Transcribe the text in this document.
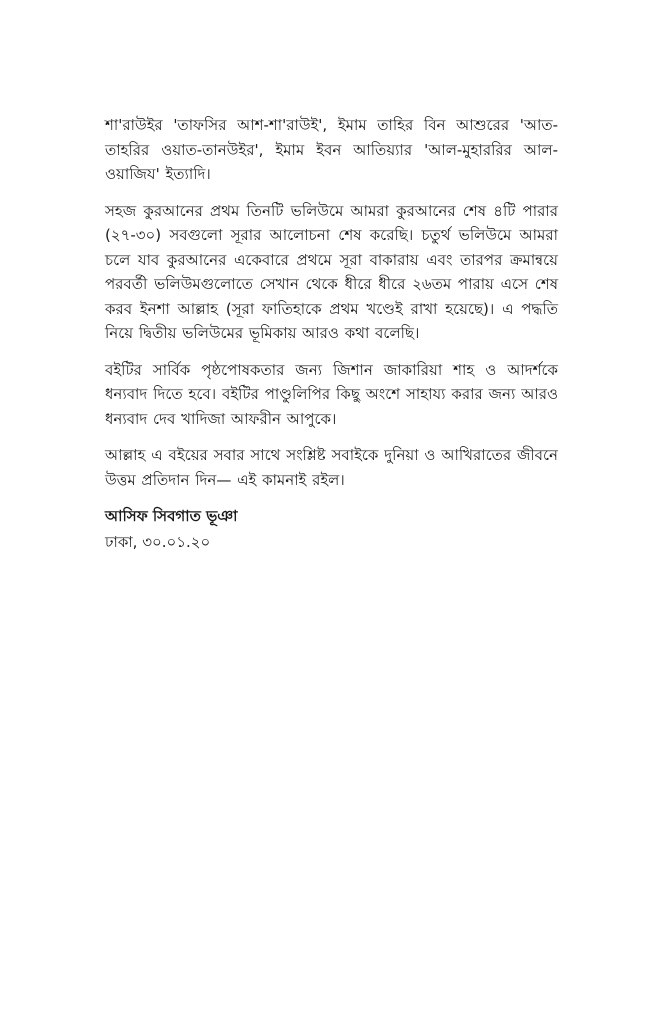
শা'রাউইর 'তাফসির আশ-শা'রাউই', ইমাম তাহির বিন আশুরের 'আত-তাহরির ওয়াত-তানউইর', ইমাম ইবন আতিয়্যার 'আল-মুহাররির আল-ওয়াজিয' ইত্যাদি।

সহজ কুরআনের প্রথম তিনটি ভলিউমে আমরা কুরআনের শেষ ৪টি পারার (২৭-৩০) সবগুলো সূরার আলোচনা শেষ করেছি। চতুর্থ ভলিউমে আমরা চলে যাব কুরআনের একেবারে প্রথমে সূরা বাকারায় এবং তারপর ক্রমান্বয়ে পরবর্তী ভলিউমগুলোতে সেখান থেকে ধীরে ধীরে ২৬তম পারায় এসে শেষ করব ইনশা আল্লাহ (সূরা ফাতিহাকে প্রথম খণ্ডেই রাখা হয়েছে)। এ পদ্ধতি নিয়ে দ্বিতীয় ভলিউমের ভূমিকায় আরও কথা বলেছি।

বইটির সার্বিক পৃষ্ঠপোষকতার জন্য জিশান জাকারিয়া শাহ ও আদর্শকে ধন্যবাদ দিতে হবে। বইটির পাণ্ডুলিপির কিছু অংশে সাহায্য করার জন্য আরও ধন্যবাদ দেব খাদিজা আফরীন আপুকে।

আল্লাহ এ বইয়ের সবার সাথে সংশ্লিষ্ট সবাইকে দুনিয়া ও আখিরাতের জীবনে উত্তম প্রতিদান দিন— এই কামনাই রইল।

আসিফ সিবগাত ভূঞা

ঢাকা, ৩০.০১.২০
